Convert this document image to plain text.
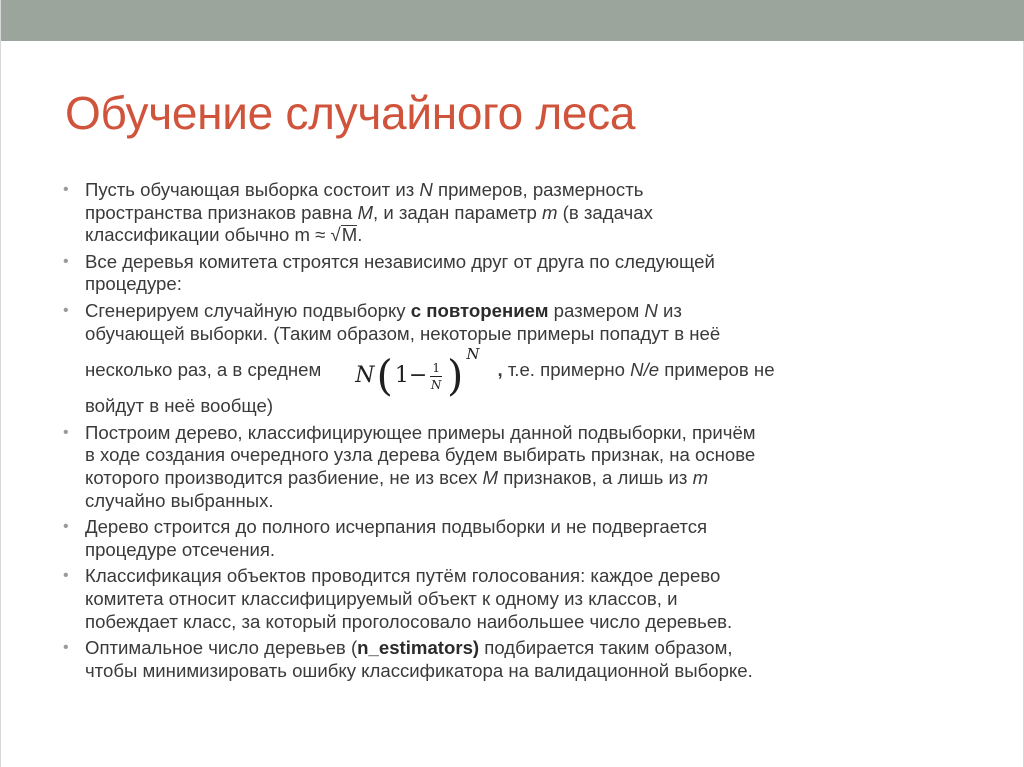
Обучение случайного леса
• Пусть обучающая выборка состоит из N примеров, размерность
пространства признаков равна M, и задан параметр m (в задачах
классификации обычно m ≈ √M.
• Все деревья комитета строятся независимо друг от друга по следующей
процедуре:
• Сгенерируем случайную подвыборку с повторением размером N из
обучающей выборки. (Таким образом, некоторые примеры попадут в неё
несколько раз, а в среднем N ( $1 - \frac{1}{N}$ ) N
, т.е. примерно N/e примеров не
войдут в неё вообще)
• Построим дерево, классифицирующее примеры данной подвыборки, причём
в ходе создания очередного узла дерева будем выбирать признак, на основе
которого производится разбиение, не из всех M признаков, а лишь из m
случайно выбранных.
• Дерево строится до полного исчерпания подвыборки и не подвергается
процедуре отсечения.
• Классификация объектов проводится путём голосования: каждое дерево
комитета относит классифицируемый объект к одному из классов, и
побеждает класс, за который проголосовало наибольшее число деревьев.
• Оптимальное число деревьев (n_estimators) подбирается таким образом,
чтобы минимизировать ошибку классификатора на валидационной выборке.
